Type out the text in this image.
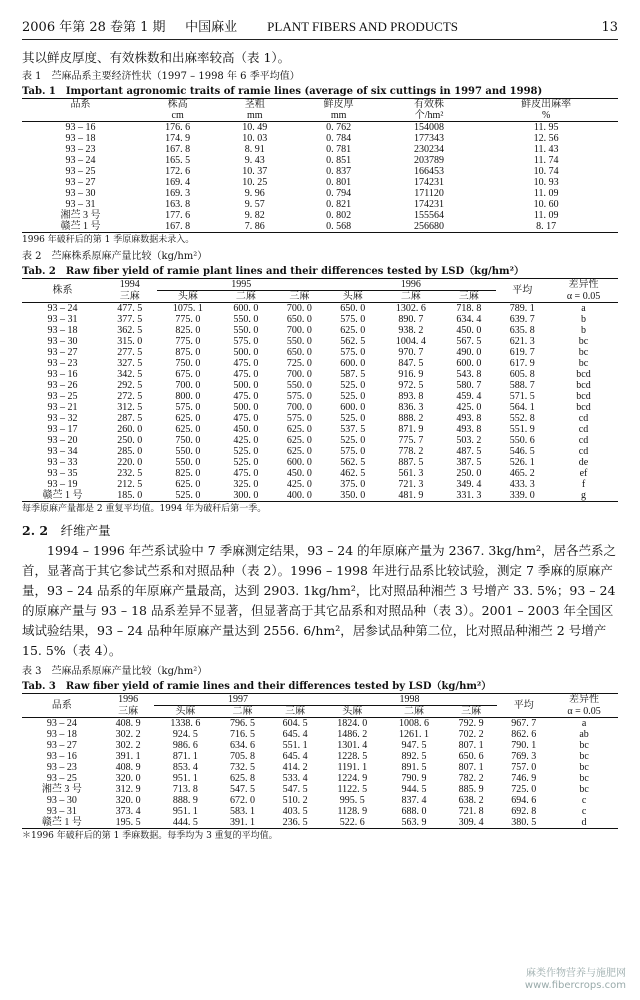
2006 年第 28 卷第 1 期	中国麻业 PLANT FIBERS AND PRODUCTS	13

其以鲜皮厚度、有效株数和出麻率较高（表 1）。

表 1　苎麻品系主要经济性状（1997 – 1998 年 6 季平均值）
Tab. 1　Important agronomic traits of ramie lines (average of six cuttings in 1997 and 1998)
品系	株高	茎粗	鲜皮厚	有效株	鲜皮出麻率
	cm	mm	mm	个/hm²	%
93 – 16	176. 6	10. 49	0. 762	154008	11. 95
93 – 18	174. 9	10. 03	0. 784	177343	12. 56
93 – 23	167. 8	8. 91	0. 781	230234	11. 43
93 – 24	165. 5	9. 43	0. 851	203789	11. 74
93 – 25	172. 6	10. 37	0. 837	166453	10. 74
93 – 27	169. 4	10. 25	0. 801	174231	10. 93
93 – 30	169. 3	9. 96	0. 794	171120	11. 09
93 – 31	163. 8	9. 57	0. 821	174231	10. 60
湘苎 3 号	177. 6	9. 82	0. 802	155564	11. 09
赣苎 1 号	167. 8	7. 86	0. 568	256680	8. 17
1996 年破秆后的第 1 季原麻数据未录入。
表 2　苎麻株系原麻产量比较（kg/hm²）
Tab. 2　Raw fiber yield of ramie plant lines and their differences tested by LSD（kg/hm²）
株系	1994	1995			1996			平均	差异性
	三麻	头麻	二麻	三麻	头麻	二麻	三麻		α = 0.05
93 – 24	477. 5	1075. 1	600. 0	700. 0	650. 0	1302. 6	718. 8	789. 1	a
93 – 31	377. 5	775. 0	550. 0	650. 0	575. 0	890. 7	634. 4	639. 7	b
93 – 18	362. 5	825. 0	550. 0	700. 0	625. 0	938. 2	450. 0	635. 8	b
93 – 30	315. 0	775. 0	575. 0	550. 0	562. 5	1004. 4	567. 5	621. 3	bc
93 – 27	277. 5	875. 0	500. 0	650. 0	575. 0	970. 7	490. 0	619. 7	bc
93 – 23	327. 5	750. 0	475. 0	725. 0	600. 0	847. 5	600. 0	617. 9	bc
93 – 16	342. 5	675. 0	475. 0	700. 0	587. 5	916. 9	543. 8	605. 8	bcd
93 – 26	292. 5	700. 0	500. 0	550. 0	525. 0	972. 5	580. 7	588. 7	bcd
93 – 25	272. 5	800. 0	475. 0	575. 0	525. 0	893. 8	459. 4	571. 5	bcd
93 – 21	312. 5	575. 0	500. 0	700. 0	600. 0	836. 3	425. 0	564. 1	bcd
93 – 32	287. 5	625. 0	475. 0	575. 0	525. 0	888. 2	493. 8	552. 8	cd
93 – 17	260. 0	625. 0	450. 0	625. 0	537. 5	871. 9	493. 8	551. 9	cd
93 – 20	250. 0	750. 0	425. 0	625. 0	525. 0	775. 7	503. 2	550. 6	cd
93 – 34	285. 0	550. 0	525. 0	625. 0	575. 0	778. 2	487. 5	546. 5	cd
93 – 33	220. 0	550. 0	525. 0	600. 0	562. 5	887. 5	387. 5	526. 1	de
93 – 35	232. 5	825. 0	475. 0	450. 0	462. 5	561. 3	250. 0	465. 2	ef
93 – 19	212. 5	625. 0	325. 0	425. 0	375. 0	721. 3	349. 4	433. 3	f
赣苎 1 号	185. 0	525. 0	300. 0	400. 0	350. 0	481. 9	331. 3	339. 0	g
每季原麻产量都是 2 重复平均值。1994 年为破秆后第一季。
2. 2　 纤维产量

1994 – 1996 年苎系试验中 7 季麻测定结果，93 – 24 的年原麻产量为 2367. 3kg/hm²，居各苎系之首，显著高于其它参试苎系和对照品种（表 2）。1996 – 1998 年进行品系比较试验，测定 7 季麻的原麻产量，93 – 24 品系的年原麻产量最高，达到 2903. 1kg/hm²，比对照品种湘苎 3 号增产 33. 5%；93 – 24 的原麻产量与 93 – 18 品系差异不显著，但显著高于其它品系和对照品种（表 3）。2001 – 2003 年全国区域试验结果，93 – 24 品种年原麻产量达到 2556. 6/hm²，居参试品种第二位，比对照品种湘苎 2 号增产 15. 5%（表 4）。

表 3　苎麻品系原麻产量比较（kg/hm²）
Tab. 3　Raw fiber yield of ramie lines and their differences tested by LSD（kg/hm²）
品系	1996	1997			1998			平均	差异性
	三麻	头麻	二麻	三麻	头麻	二麻	三麻		α = 0.05
93 – 24	408. 9	1338. 6	796. 5	604. 5	1824. 0	1008. 6	792. 9	967. 7	a
93 – 18	302. 2	924. 5	716. 5	645. 4	1486. 2	1261. 1	702. 2	862. 6	ab
93 – 27	302. 2	986. 6	634. 6	551. 1	1301. 4	947. 5	807. 1	790. 1	bc
93 – 16	391. 1	871. 1	705. 8	645. 4	1228. 5	892. 5	650. 6	769. 3	bc
93 – 23	408. 9	853. 4	732. 5	414. 2	1191. 1	891. 5	807. 1	757. 0	bc
93 – 25	320. 0	951. 1	625. 8	533. 4	1224. 9	790. 9	782. 2	746. 9	bc
湘苎 3 号	312. 9	713. 8	547. 5	547. 5	1122. 5	944. 5	885. 9	725. 0	bc
93 – 30	320. 0	888. 9	672. 0	510. 2	995. 5	837. 4	638. 2	694. 6	c
93 – 31	373. 4	951. 1	583. 1	403. 5	1128. 9	688. 0	721. 8	692. 8	c
赣苎 1 号	195. 5	444. 5	391. 1	236. 5	522. 6	563. 9	309. 4	380. 5	d
＊1996 年破秆后的第 1 季麻数据。每季均为 3 重复的平均值。
麻类作物营养与施肥网
www.fibercrops.com
